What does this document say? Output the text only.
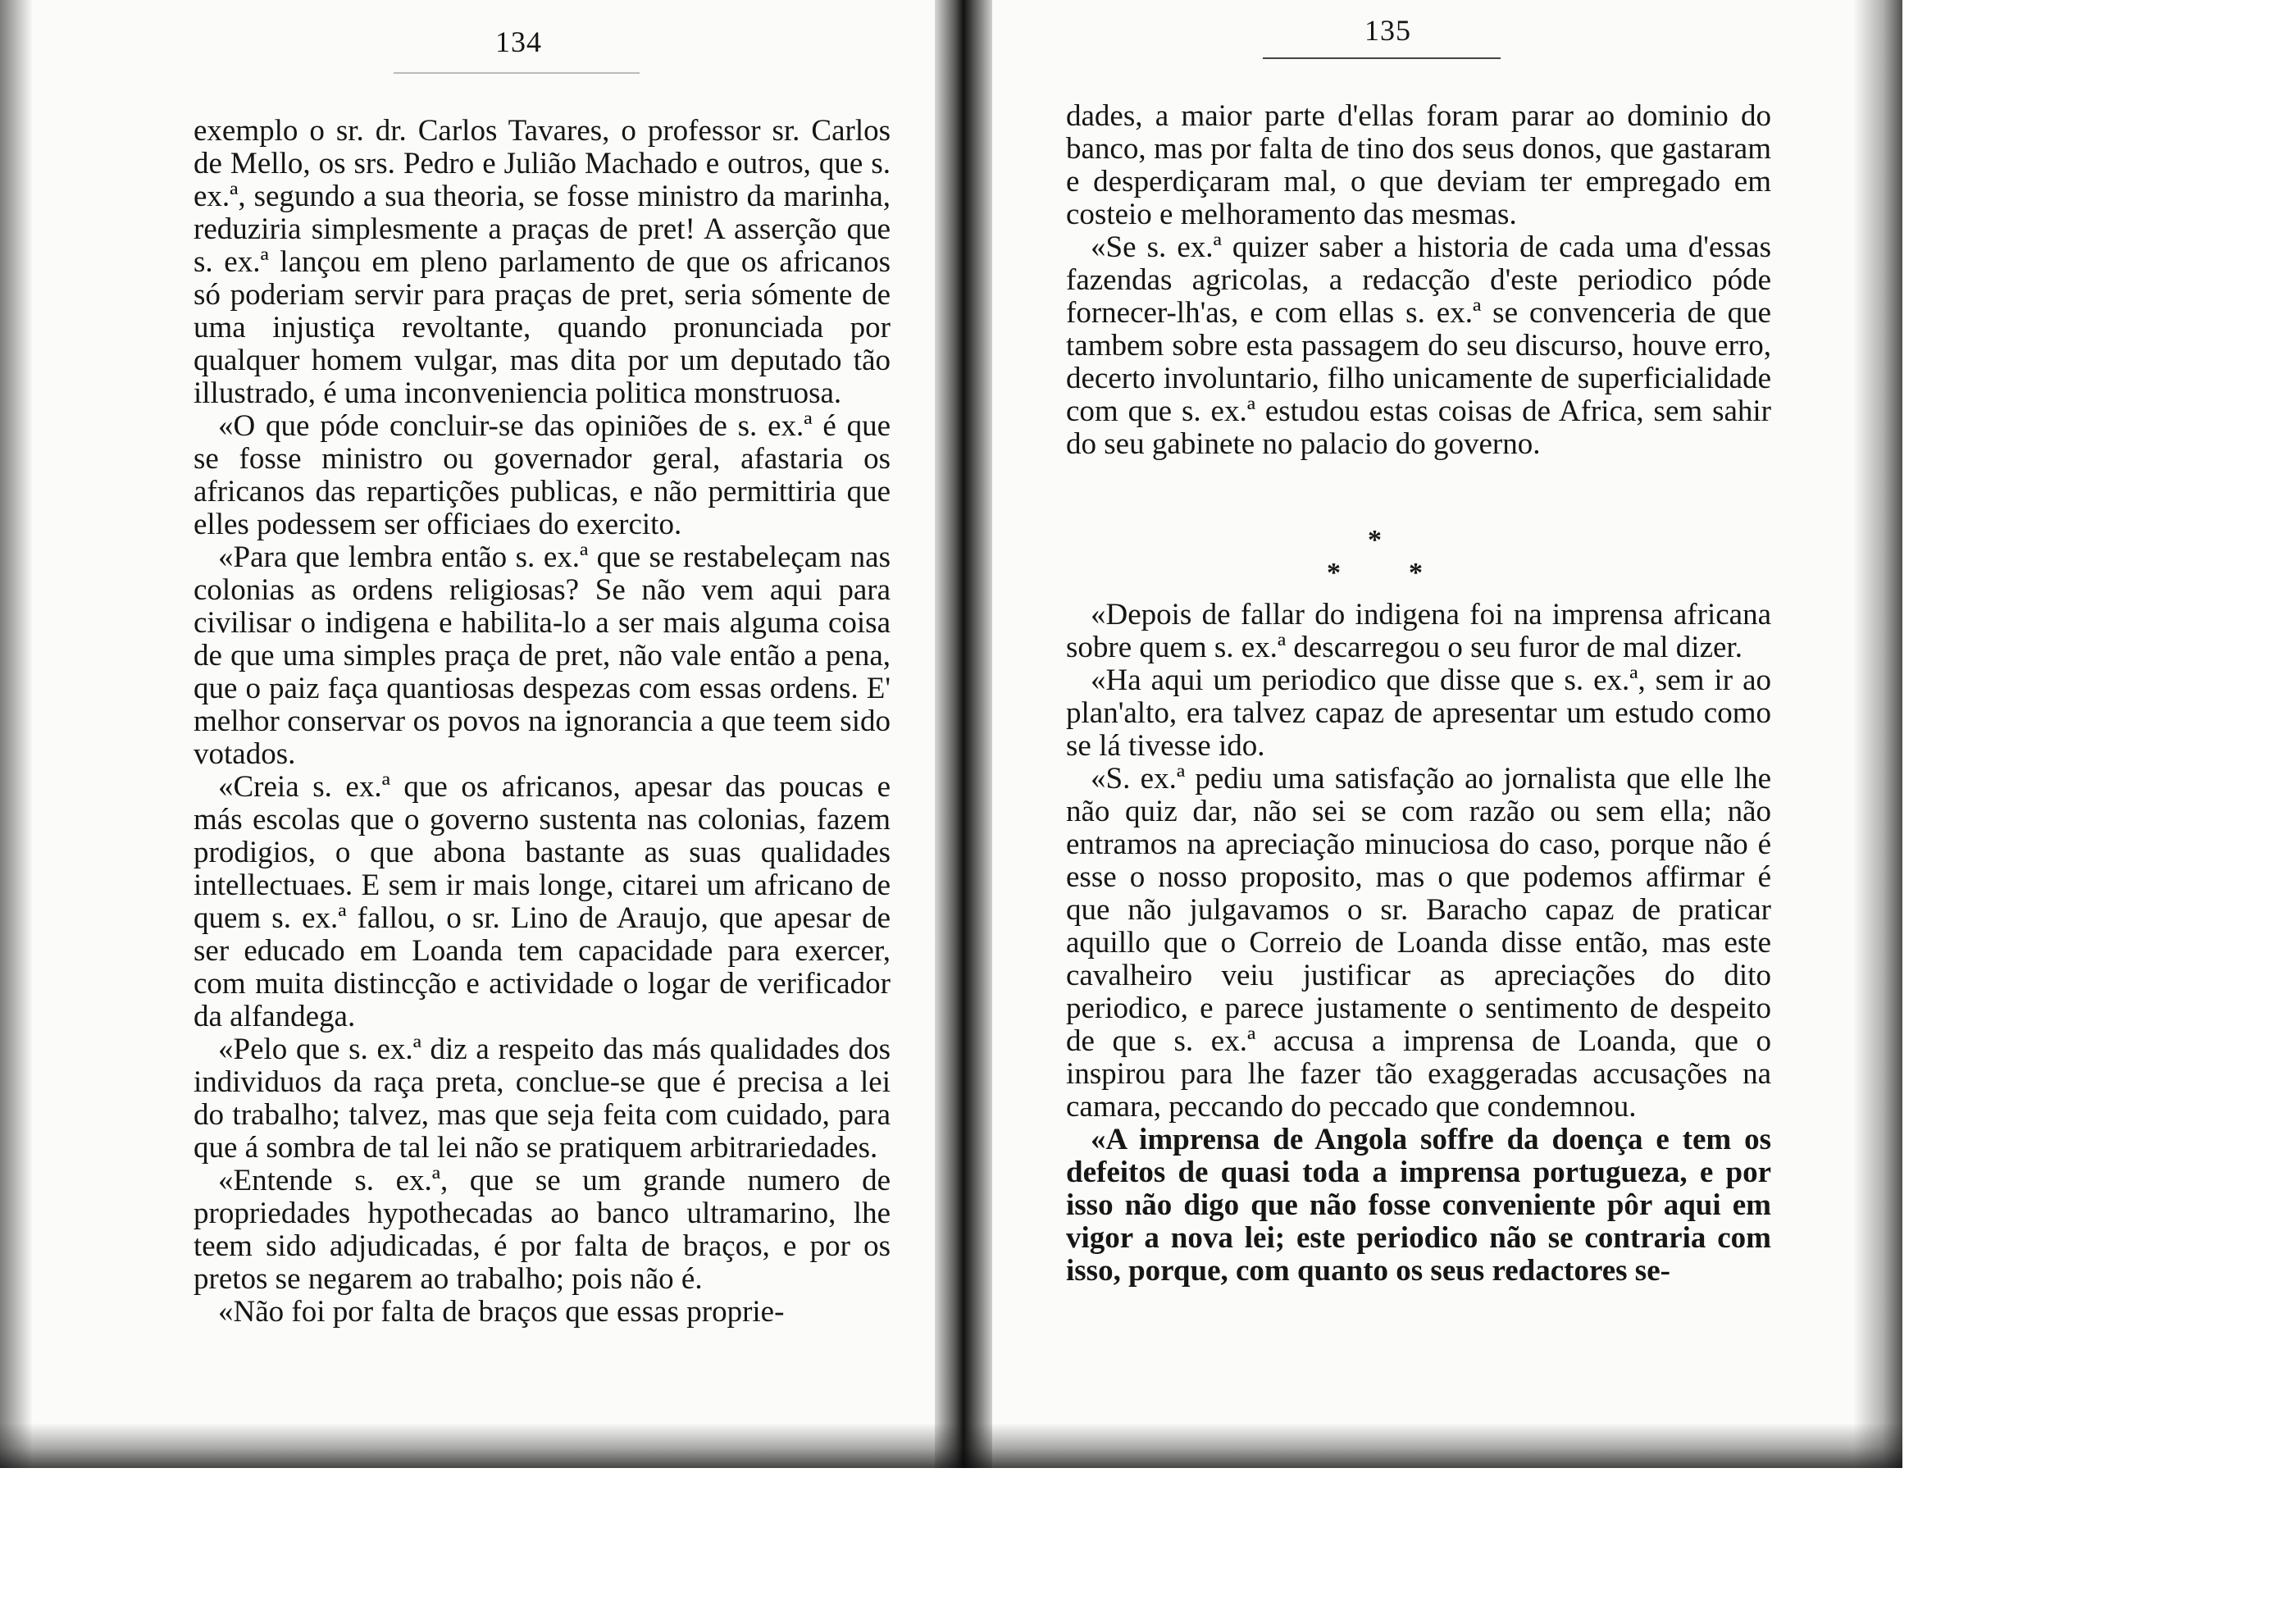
134

exemplo o sr. dr. Carlos Tavares, o professor sr. Carlos de Mello, os srs. Pedro e Julião Machado e outros, que s. ex.ª, segundo a sua theoria, se fosse ministro da marinha, reduziria simplesmente a praças de pret! A asserção que s. ex.ª lançou em pleno parlamento de que os africanos só poderiam servir para praças de pret, seria sómente de uma injustiça revoltante, quando pronunciada por qualquer homem vulgar, mas dita por um deputado tão illustrado, é uma inconveniencia politica monstruosa.

«O que póde concluir-se das opiniões de s. ex.ª é que se fosse ministro ou governador geral, afastaria os africanos das repartições publicas, e não permittiria que elles podessem ser officiaes do exercito.

«Para que lembra então s. ex.ª que se restabeleçam nas colonias as ordens religiosas? Se não vem aqui para civilisar o indigena e habilita-lo a ser mais alguma coisa de que uma simples praça de pret, não vale então a pena, que o paiz faça quantiosas despezas com essas ordens. E' melhor conservar os povos na ignorancia a que teem sido votados.

«Creia s. ex.ª que os africanos, apesar das poucas e más escolas que o governo sustenta nas colonias, fazem prodigios, o que abona bastante as suas qualidades intellectuaes. E sem ir mais longe, citarei um africano de quem s. ex.ª fallou, o sr. Lino de Araujo, que apesar de ser educado em Loanda tem capacidade para exercer, com muita distincção e actividade o logar de verificador da alfandega.

«Pelo que s. ex.ª diz a respeito das más qualidades dos individuos da raça preta, conclue-se que é precisa a lei do trabalho; talvez, mas que seja feita com cuidado, para que á sombra de tal lei não se pratiquem arbitrariedades.

«Entende s. ex.ª, que se um grande numero de propriedades hypothecadas ao banco ultramarino, lhe teem sido adjudicadas, é por falta de braços, e por os pretos se negarem ao trabalho; pois não é.

«Não foi por falta de braços que essas proprie-

135

dades, a maior parte d'ellas foram parar ao dominio do banco, mas por falta de tino dos seus donos, que gastaram e desperdiçaram mal, o que deviam ter empregado em costeio e melhoramento das mesmas.

«Se s. ex.ª quizer saber a historia de cada uma d'essas fazendas agricolas, a redacção d'este periodico póde fornecer-lh'as, e com ellas s. ex.ª se convenceria de que tambem sobre esta passagem do seu discurso, houve erro, decerto involuntario, filho unicamente de superficialidade com que s. ex.ª estudou estas coisas de Africa, sem sahir do seu gabinete no palacio do governo.

*
* *

«Depois de fallar do indigena foi na imprensa africana sobre quem s. ex.ª descarregou o seu furor de mal dizer.

«Ha aqui um periodico que disse que s. ex.ª, sem ir ao plan'alto, era talvez capaz de apresentar um estudo como se lá tivesse ido.

«S. ex.ª pediu uma satisfação ao jornalista que elle lhe não quiz dar, não sei se com razão ou sem ella; não entramos na apreciação minuciosa do caso, porque não é esse o nosso proposito, mas o que podemos affirmar é que não julgavamos o sr. Baracho capaz de praticar aquillo que o Correio de Loanda disse então, mas este cavalheiro veiu justificar as apreciações do dito periodico, e parece justamente o sentimento de despeito de que s. ex.ª accusa a imprensa de Loanda, que o inspirou para lhe fazer tão exaggeradas accusações na camara, peccando do peccado que condemnou.

«A imprensa de Angola soffre da doença e tem os defeitos de quasi toda a imprensa portugueza, e por isso não digo que não fosse conveniente pôr aqui em vigor a nova lei; este periodico não se contraria com isso, porque, com quanto os seus redactores se-
